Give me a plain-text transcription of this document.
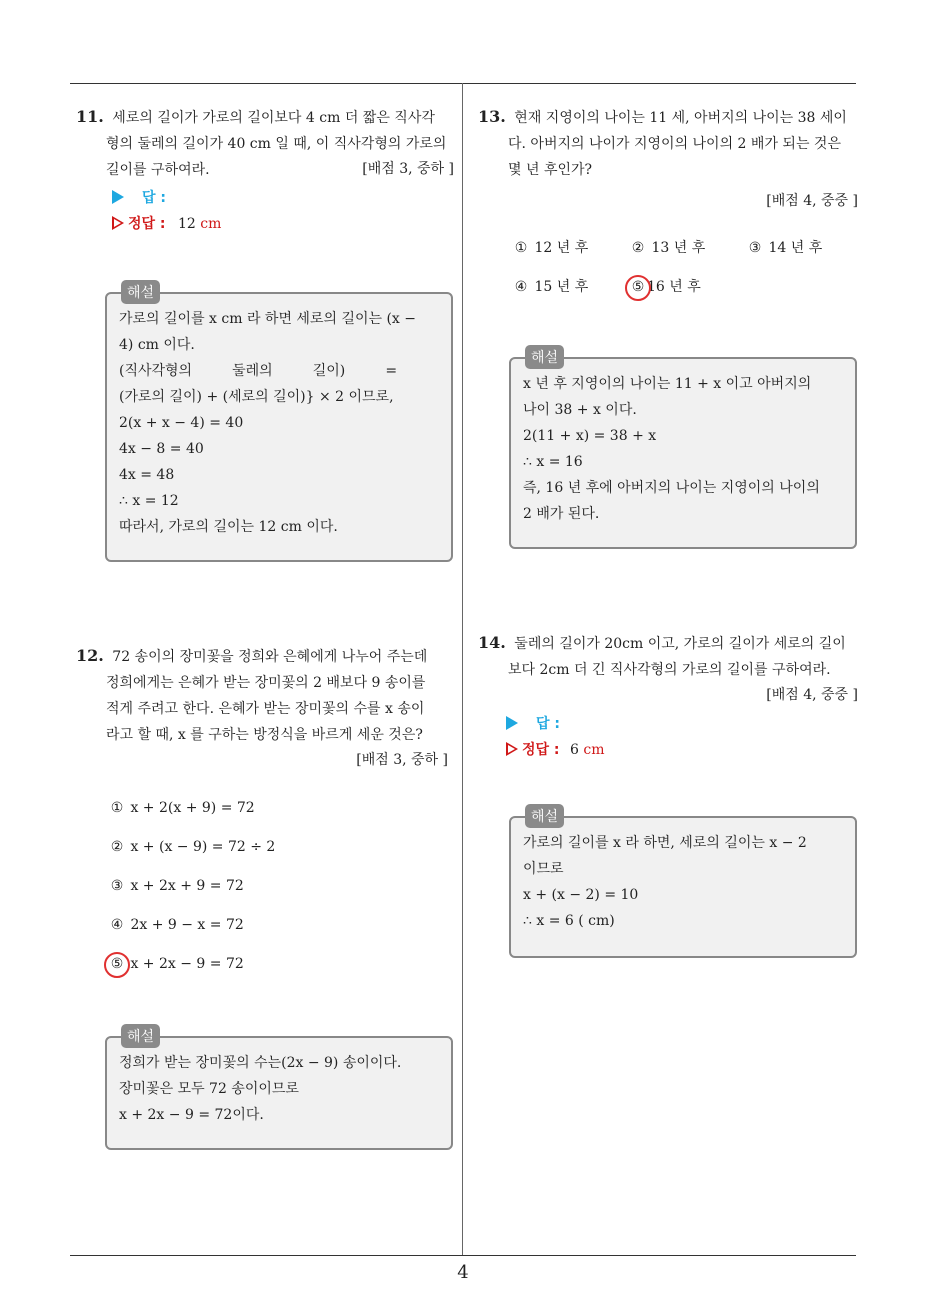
11. 세로의 길이가 가로의 길이보다 4 cm 더 짧은 직사각
형의 둘레의 길이가 40 cm 일 때, 이 직사각형의 가로의
길이를 구하여라.	[배점 3, 중하 ]
답 :
정답 : 12 cm
해설
가로의 길이를 x cm 라 하면 세로의 길이는 (x −
4) cm 이다.
(직사각형의         둘레의         길이)         =
(가로의 길이) + (세로의 길이)} × 2 이므로,
2(x + x − 4) = 40
4x − 8 = 40
4x = 48
∴ x = 12
따라서, 가로의 길이는 12 cm 이다.
12. 72 송이의 장미꽃을 정희와 은혜에게 나누어 주는데
정희에게는 은혜가 받는 장미꽃의 2 배보다 9 송이를
적게 주려고 한다. 은혜가 받는 장미꽃의 수를 x 송이
라고 할 때, x 를 구하는 방정식을 바르게 세운 것은?
[배점 3, 중하 ]
① x + 2(x + 9) = 72
② x + (x − 9) = 72 ÷ 2
③ x + 2x + 9 = 72
④ 2x + 9 − x = 72
⑤ x + 2x − 9 = 72
해설
정희가 받는 장미꽃의 수는(2x − 9) 송이이다.
장미꽃은 모두 72 송이이므로
x + 2x − 9 = 72이다.
13. 현재 지영이의 나이는 11 세, 아버지의 나이는 38 세이
다. 아버지의 나이가 지영이의 나이의 2 배가 되는 것은
몇 년 후인가?
[배점 4, 중중 ]
① 12 년 후	② 13 년 후	③ 14 년 후
④ 15 년 후	⑤ 16 년 후
해설
x 년 후 지영이의 나이는 11 + x 이고 아버지의
나이 38 + x 이다.
2(11 + x) = 38 + x
∴ x = 16
즉, 16 년 후에 아버지의 나이는 지영이의 나이의
2 배가 된다.
14. 둘레의 길이가 20cm 이고, 가로의 길이가 세로의 길이
보다 2cm 더 긴 직사각형의 가로의 길이를 구하여라.
[배점 4, 중중 ]
답 :
정답 : 6 cm
해설
가로의 길이를 x 라 하면, 세로의 길이는 x − 2
이므로
x + (x − 2) = 10
∴ x = 6 ( cm)
4
